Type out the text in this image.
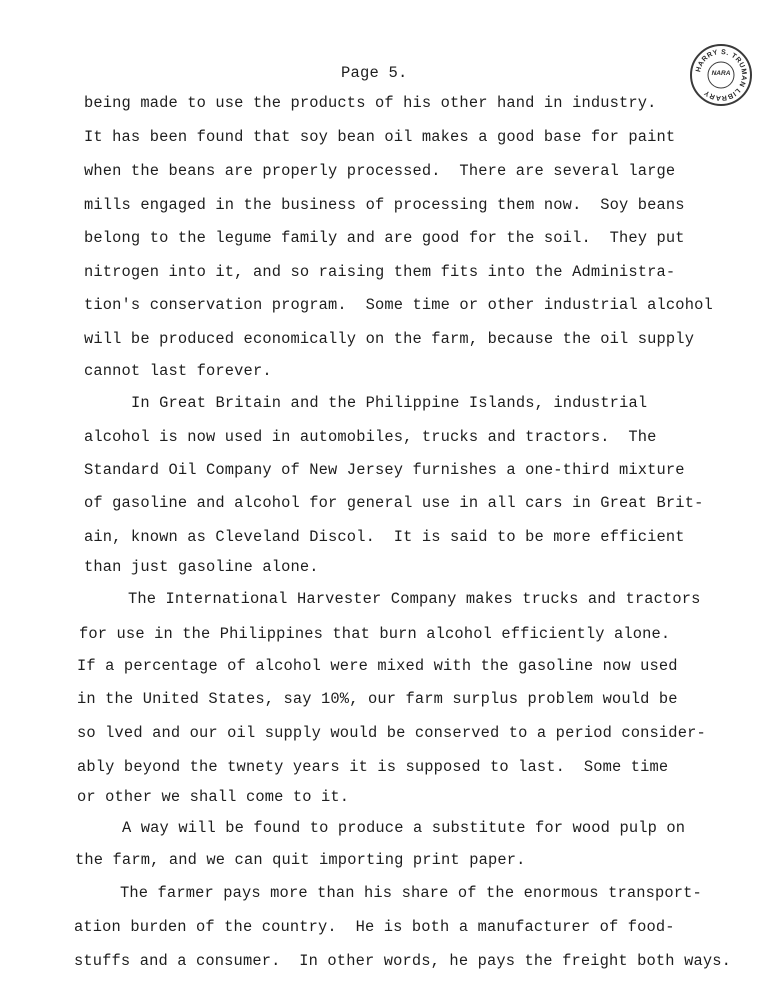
Page 5.	HARRY S. TRUMAN LIBRARY
NARA
being made to use the products of his other hand in industry.
It has been found that soy bean oil makes a good base for paint
when the beans are properly processed.  There are several large
mills engaged in the business of processing them now.  Soy beans
belong to the legume family and are good for the soil.  They put
nitrogen into it, and so raising them fits into the Administra-
tion's conservation program.  Some time or other industrial alcohol
will be produced economically on the farm, because the oil supply
cannot last forever.
In Great Britain and the Philippine Islands, industrial
alcohol is now used in automobiles, trucks and tractors.  The
Standard Oil Company of New Jersey furnishes a one-third mixture
of gasoline and alcohol for general use in all cars in Great Brit-
ain, known as Cleveland Discol.  It is said to be more efficient
than just gasoline alone.
The International Harvester Company makes trucks and tractors
for use in the Philippines that burn alcohol efficiently alone.
If a percentage of alcohol were mixed with the gasoline now used
in the United States, say 10%, our farm surplus problem would be
so lved and our oil supply would be conserved to a period consider-
ably beyond the twnety years it is supposed to last.  Some time
or other we shall come to it.
A way will be found to produce a substitute for wood pulp on
the farm, and we can quit importing print paper.
The farmer pays more than his share of the enormous transport-
ation burden of the country.  He is both a manufacturer of food-
stuffs and a consumer.  In other words, he pays the freight both ways.
